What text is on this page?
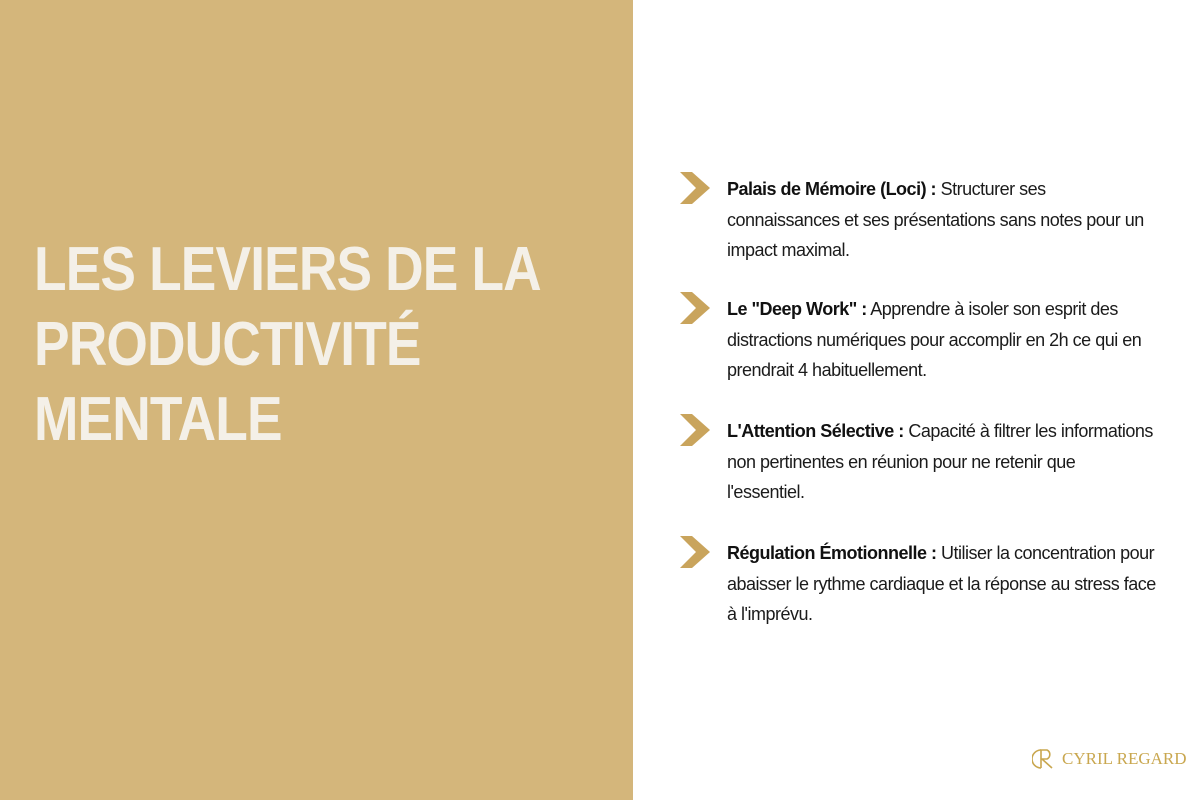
LES LEVIERS DE LA
PRODUCTIVITÉ
MENTALE
Palais de Mémoire (Loci) : Structurer ses connaissances et ses présentations sans notes pour un impact maximal.
Le "Deep Work" : Apprendre à isoler son esprit des distractions numériques pour accomplir en 2h ce qui en prendrait 4 habituellement.
L'Attention Sélective : Capacité à filtrer les informations non pertinentes en réunion pour ne retenir que l'essentiel.
Régulation Émotionnelle : Utiliser la concentration pour abaisser le rythme cardiaque et la réponse au stress face à l'imprévu.
CYRIL REGARD
